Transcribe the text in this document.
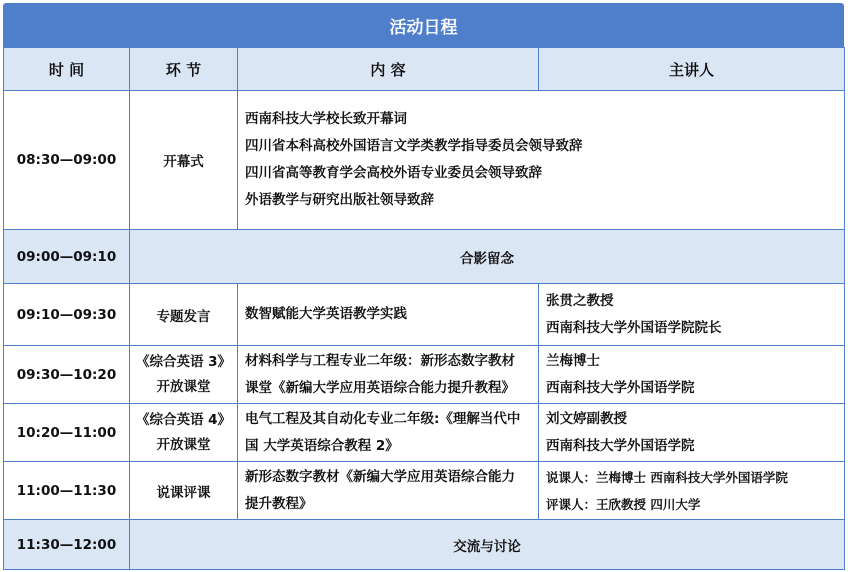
活动日程
时 间	环 节	内 容	主讲人
08:30—09:00	开幕式	西南科技大学校长致开幕词
四川省本科高校外国语言文学类教学指导委员会领导致辞
四川省高等教育学会高校外语专业委员会领导致辞
外语教学与研究出版社领导致辞	

09:00—09:10	合影留念		
09:10—09:30	专题发言	数智赋能大学英语教学实践	张贯之教授
西南科技大学外国语学院院长

09:30—10:20	《综合英语 3》
开放课堂	材料科学与工程专业二年级：新形态数字教材
课堂《新编大学应用英语综合能力提升教程》	兰梅博士
西南科技大学外国语学院

10:20—11:00	《综合英语 4》
开放课堂	电气工程及其自动化专业二年级:《理解当代中
国 大学英语综合教程 2》	刘文婷副教授
西南科技大学外国语学院

11:00—11:30	说课评课	新形态数字教材《新编大学应用英语综合能力
提升教程》	说课人：兰梅博士 西南科技大学外国语学院
评课人：王欣教授 四川大学

11:30—12:00	交流与讨论		
